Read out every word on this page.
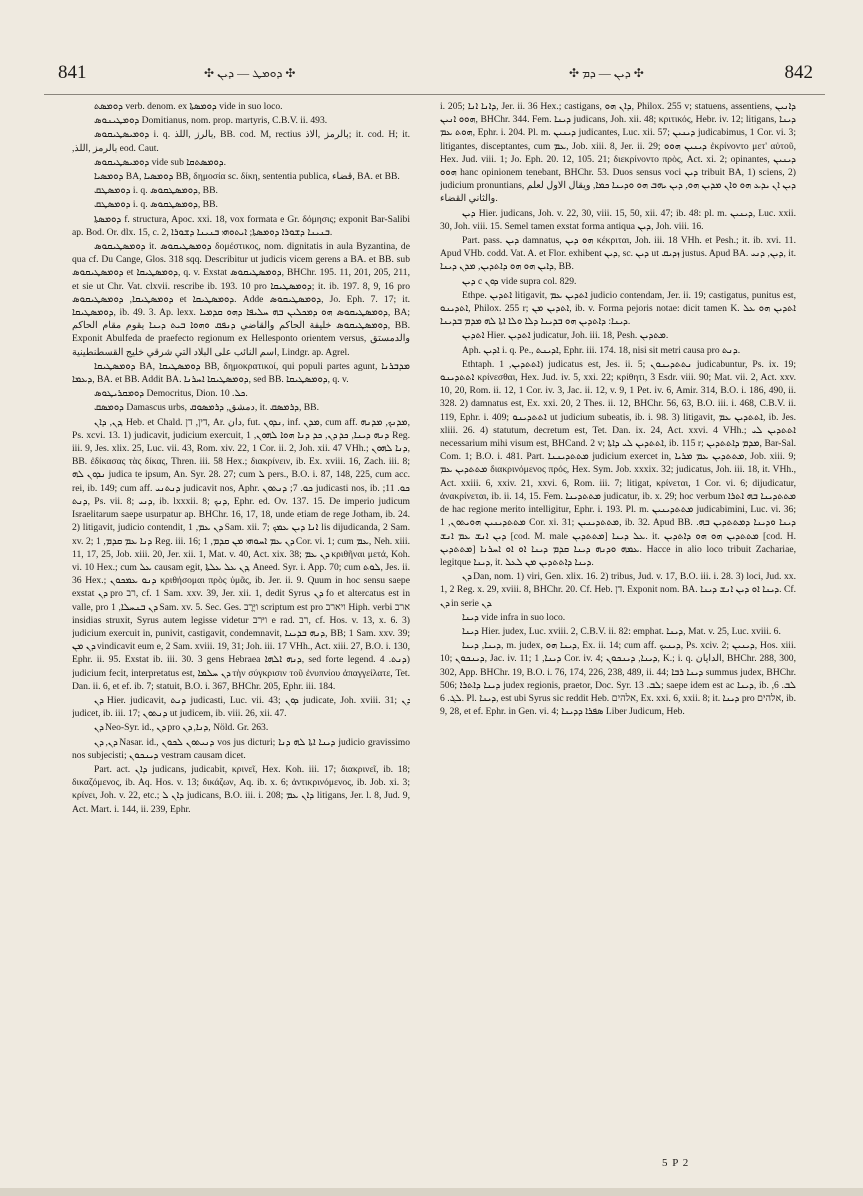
841	✣ ܕܘܡܛ — ܕܝܢ ✣	✣ ܕܝܢ — ܕܡ ✣	842

ܕܘܡܣܬ verb. denom. ex ܕܘܡܣܬܐ vide in suo loco.

ܕܘܡܛܝܢܘܣ Domitianus, nom. prop. martyris, C.B.V. ii. 493.

ܕܘܡܝܣܛܝܩܘܣ i. q. بالرز ,اللذ, BB. cod. M, rectius بالرمز ,الاذ; it. cod. H; it. ,بالرمز ,اللذ eod. Caut.

ܕܘܡܝܣܛܝܩܘܣ vide sub ܕܘܡܣܬܩܐ.

ܕܘܡܣܝܐ BA, ܕܘܡܣܝܐ BB, δημοσία sc. δίκη, sententia publica, قضاء, BA. et BB.

ܕܘܡܣܛܩ i. q. ܕܘܡܣܛܩܘܣ, BB.

ܕܘܡܣܛܩ i. q. ܕܘܡܣܛܩܘܣ, BB.

ܕܘܡܣܬܐ f. structura, Apoc. xxi. 18, vox formata e Gr. δόμησις; exponit Bar-Salibi ap. Bod. Or. dlx. 15, c. 2, ܒܢܝܢܐ ܕܫܘܪܐ ܕܘܡܣܬܐ; ܐܝܬܘܗܝ ܒܢܝܢܐ ܕܫܘܪܐ.

ܕܘܡܣܛܝܩܘܣ it. ܕܘܡܣܛܝܩܘܣ δομέστικος, nom. dignitatis in aula Byzantina, de qua cf. Du Cange, Glos. 318 sqq. Describitur ut judicis vicem gerens a BA. et BB. sub ܕܘܡܣܛܝܩܘܣ et ܕܘܡܣܛܝܩܐ, q. v. Exstat ܕܘܡܣܛܝܩܘܣ, BHChr. 195. 11, 201, 205, 211, et sie ut Chr. Vat. clxvii. rescribe ib. 193. 10 pro ܕܘܡܣܛܝܩܐ; it. ib. 197. 8, 9, 16 pro ܕܘܡܣܛܝܩܐ, ܕܘܡܣܛܝܩܘܣ et ܕܘܡܣܛܝܩܐ. Adde ܕܘܡܣܛܝܩܘܣ, Jo. Eph. 7. 17; it. ܕܘܡܣܛܝܩܐ, ib. 49. 3. Ap. lexx. ܕܘܡܣܛܝܩܘܣ ܗܘ ܕܡܟܠܝܢ ܒܗ ܚܠܝܦܐ ܕܗܘ ܩܕܡܝܐ, BA; ܕܘܡܣܛܝܩܘܣ خليفة الحاكم والقاضي ܕܢܦܩ ܘܗܘܐ ܒܝܬ ܕܝܢܐ يقوم مقام الحاكم, BB. Exponit Abulfeda de praefecto regionum ex Hellesponto orientem versus, والدمستق اسم النائب على البلاد التي شرقي خليج القسطنطينية, Lindgr. ap. Agrel.

ܕܘܡܣܛܝܩܐ BA, ܕܘܡܣܛܝܩܐ BB, δημοκρατικοί, qui populi partes agunt, ܡܕܒܪܢܐ ܕܥܡܐ, BA. et BB. Addit BA. ܕܘܡܣܛܝܩܐ ܐܚܪܢܐ, sed BB. ܕܘܡܣܛܝܩܐ, q. v.

ܕܘܡܩܪܝܛܘܣ Democritus, Dion. ܟܠ. 10.

ܕܘܡܣܩ Damascus urbs, دمشق, ܕܪܡܣܘܩ, it. ܕܪܡܣܩ, BB.

ܕܢ, ܕܐܢ, Heb. et Chald. דין, דן, Ar. دان, fut. ܢܕܘܢ, inf. ܡܕܢ, cum aff. ܡܕܢܟ, ܡܕܢܗ, Ps. xcvi. 13. 1) judicavit, judicium exercuit, ܕܢܗ ܕܝܢܐ, ܟܕ ܕܢ, ܟܕ ܕܢܐ ܗܘܐ ܠܗܘܢ, 1 Reg. iii. 9, Jes. xlix. 25, Luc. vii. 43, Rom. xiv. 22, 1 Cor. ii. 2, Joh. xii. 47 VHh.; ܕܢܐ ܠܗܘܢ, BB. ἐδίκασας τὰς δίκας, Thren. iii. 58 Hex.; διακρίνειν, ib. Ex. xviii. 16, Zach. iii. 8; ܢܕܘܢ ܠܗ judica te ipsum, An. Syr. 28. 27; cum ܠ pers., B.O. i. 87, 148, 225, cum acc. rei, ib. 149; cum aff. ܕܢܬܢܝ judicavit nos, Aphr. ܟܘ. 7; ܕܢܬܘܢ judicasti nos, ib. ܟܘ. 11; ܕܢܬ, Ps. vii. 8; ܕܢܝ, ib. lxxxii. 8; ܕܢܟ, Ephr. ed. Ov. 137. 15. De imperio judicum Israelitarum saepe usurpatur ap. BHChr. 16, 17, 18, unde etiam de rege Jotham, ib. 24. 2) litigavit, judicio contendit, ܕܢ ܥܡ, 1 Sam. xii. 7; ܐܢܐ ܕܝܢ ܥܡܟ lis dijudicanda, 2 Sam. xv. 2; ܕܢܐ ܥܡ ܩܕܡ, 1 Reg. iii. 16; ܕܢ ܥܡ ܐܚܘܗܝ ܡܢ ܩܕܡ, 1 Cor. vi. 1; cum ܥܡ, Neh. xiii. 11, 17, 25, Job. xiii. 20, Jer. xii. 1, Mat. v. 40, Act. xix. 38; ܕܢ ܥܡ κριθῆναι μετά, Koh. vi. 10 Hex.; cum ܥܠ causam egit, ܕܢ ܥܠ ܥܠܬܐ, Aneed. Syr. i. App. 70; cum ܠܘܬ, Jes. ii. 36 Hex.; ܕܢܘ ܥܡܟܘܢ κριθήσομαι πρὸς ὑμᾶς, ib. Jer. ii. 9. Quum in hoc sensu saepe exstat ܕܢ pro רב, cf. 1 Sam. xxv. 39, Jer. xii. 1, dedit Syrus ܕܢ fo et altercatus est in valle, pro ܕܢ ܒܢܚܠܐ, 1 Sam. xv. 5. Sec. Ges. ויֶּרֶב scriptum est pro ויארב Hiph. verbi ארב insidias struxit, Syrus autem legisse videtur ויּרב e rad. רב, cf. Hos. v. 13, x. 6. 3) judicium exercuit in, punivit, castigavit, condemnavit, ܕܢܗ ܒܕܝܢܐ, BB; 1 Sam. xxv. 39; ܕܢ ܡܢ vindicavit eum e, 2 Sam. xviii. 19, 31; Joh. iii. 17 VHh., Act. xiii. 27, B.O. i. 130, Ephr. ii. 95. Exstat ib. iii. 30. 3 gens Hebraea ܕܢܗ ܐܠܗܐ, sed forte legend. ܕܢܬ. 4) judicium fecit, interpretatus est, ܕܢ ܚܠܡܐ τὴν σύγκρισιν τοῦ ἐνυπνίου ἀπαγγείλατε, Tet. Dan. ii. 6, et ef. ib. 7; statuit, B.O. i. 367, BHChr. 205, Ephr. iii. 184.

ܕܢ Hier. judicavit, ܕܢܬ judicasti, Luc. vii. 43; ܕܘܢ judicate, Joh. xviii. 31; ܕܢ judicet, ib. iii. 17; ܕܢܬܘܢ ut judicem, ib. viii. 26, xii. 47.

ܕܢ Neo-Syr. id., ܕܢ pro ܕܢܐ, ܕܢ, Nöld. Gr. 263.

ܕܢ, ܕܢ Nasar. id., ܕܢܝܬܘܢ ܠܟܘܢ vos jus dicturi; ܕܝܢܐ ܐܬܐ ܠܗ ܕܢܐ judicio gravissimo nos subjecisti; ܕܝܢܟܘܢ vestram causam dicet.

Part. act. ܕܐܢ judicans, judicabit, κρινεῖ, Hex. Koh. iii. 17; διακρινεῖ, ib. 18; δικαζόμενος, ib. Aq. Hos. v. 13; δικάζων, Aq. ib. x. 6; ἀντικρινόμενος, ib. Job. xi. 3; κρίνει, Joh. v. 22, etc.; ܕܐܢ ܠ judicans, B.O. iii. i. 208; ܕܐܢ ܥܡ litigans, Jer. l. 8, Jud. 9, Act. Mart. i. 144, ii. 239, Ephr.

i. 205; ܕܐܢܐ ܐܢܐ, Jer. ii. 36 Hex.; castigans, ܕܐܢ ܗܘ, Philox. 255 v; statuens, assentiens, ܕܐܢܝܢ ܗܘܘ ܐܢܝܢ, BHChr. 344. Fem. ܕܝܢܐ judicans, Joh. xii. 48; κριτικός, Hebr. iv. 12; litigans, ܕܝܢܐ ܗܘܬ ܥܡ, Ephr. i. 204. Pl. m. ܕܝܢܝܢ judicantes, Luc. xii. 57; ܕܝܢܝܢ judicabimus, 1 Cor. vi. 3; litigantes, disceptantes, cum ܥܡ, Job. xiii. 8, Jer. ii. 29; ܕܝܢܝܢ ܗܘܘ ἐκρίνοντο μετ' αὐτοῦ, Hex. Jud. viii. 1; Jo. Eph. 20. 12, 105. 21; διεκρίνοντο πρὸς, Act. xi. 2; opinantes, ܕܝܢܝܢ ܗܘܘ hanc opinionem tenebant, BHChr. 53. Duos sensus voci ܕܝܢ tribuit BA, 1) sciens, 2) judicium pronuntians, ܕܝܢ ܐܢ ܝܕܥ ܗܘ ܘܐܢ ܡܕܝܢ ܗܘ, ܕܝܢ ܝܗܒ ܗܘ ܘܕܝܢܐ ܟܡܐ, ويقال الاول لعلم والثاني القضاء.

ܕܝܢ Hier. judicans, Joh. v. 22, 30, viii. 15, 50, xii. 47; ib. 48: pl. m. ܕܝܢܝܢ, Luc. xxii. 30, Joh. viii. 15. Semel tamen exstat forma antiqua ܕܝܢ, Joh. viii. 16.

Part. pass. ܕܝܢ damnatus, ܗܘ ܕܝܢ κέκριται, Joh. iii. 18 VHh. et Pesh.; it. ib. xvi. 11. Apud VHb. codd. Vat. A. et Flor. exhibent ܕܝܢ, sc. ܕܝܢ ut ܙܕܝܩ justus. Apud BA. ܕܝܢ, ܕܢܝ, it. ܕܐܝܢ ܗܘ ܗܘ ܕܐܬܕܝܢ, ܡܕܢ ܕܝܢܐ, BB.

ܕܝܢ c ܕܘܢ vide supra col. 829.

Ethpe. ܐܬܕܝܢ litigavit, ܐܬܕܝܢ ܥܡ judicio contendam, Jer. ii. 19; castigatus, punitus est, ܐܬܕܝܢܘ, Philox. 255 r; ܐܬܕܝܢ ܡܢ, ib. v. Forma pejoris notae: dicit tamen K. ܐܬܕܝܢ ܗܘ ܥܠ ܕܝܢܐ: ܕܐܬܕܝܢ ܗܘ ܒܕܝܢܐ ܕܠܐ ܘܠܐ ܐܬܐ ܠܗ ܡܕܡ ܒܕܝܢܐ.

ܐܬܕܝܢ Hier. ܐܬܕܝܢ judicatur, Joh. iii. 18, Pesh. ܡܬܕܝܢ.

Aph. ܐܕܝܢ i. q. Pe., ܐܕܝܢܬ, Ephr. iii. 174. 18, nisi sit metri causa pro ܕܢܬ.

Ethtaph. ܐܬܬܕܝܢ, 1) judicatus est, Jes. ii. 5; ܢܬܬܕܝܢܘܢ judicabuntur, Ps. ix. 19; ܐܬܬܕܝܢܘ κρίνεσθαι, Hex. Jud. iv. 5, xxi. 22; κρίθητι, 3 Esdr. viii. 90; Mat. vii. 2, Act. xxv. 10, 20, Rom. ii. 12, 1 Cor. iv. 3, Jac. ii. 12, v. 9, 1 Pet. iv. 6, Amir. 314, B.O. i. 186, 490, ii. 328. 2) damnatus est, Ex. xxi. 20, 2 Thes. ii. 12, BHChr. 56, 63, B.O. iii. i. 468, C.B.V. ii. 119, Ephr. i. 409; ܐܬܬܕܝܢܘ ut judicium subeatis, ib. i. 98. 3) litigavit, ܐܬܬܕܝܢ ܥܡ, ib. Jes. xliii. 26. 4) statutum, decretum est, Tet. Dan. ix. 24, Act. xxvi. 4 VHh.; ܐܬܬܕܝܢ ܠܝ necessarium mihi visum est, BHCand. 2 v; ܐܬܬܕܝܢ ܠܝ ܕܐܬܐ, ib. 115 r; ܡܕܡ ܕܐܬܬܕܝܢ, Bar-Sal. Com. 1; B.O. i. 481. Part. ܡܬܬܕܝܢܢܐ judicium exercet in, ܡܬܬܕܝܢ ܥܡ ܡܪܝܐ, Job. xiii. 9; ܡܬܬܕܝܢ ܥܡ διακρινόμενος πρός, Hex. Sym. Job. xxxix. 32; judicatus, Joh. iii. 18, it. VHh., Act. xxiii. 6, xxiv. 21, xxvi. 6, Rom. iii. 7; litigat, κρίνεται, 1 Cor. vi. 6; dijudicatur, ἀνακρίνεται, ib. ii. 14, 15. Fem. ܡܬܬܕܝܢܐ judicatur, ib. x. 29; hoc verbum ܡܬܬܕܝܢܐ ܒܗ ܐܬܪܐ de hac regione merito intelligitur, Ephr. i. 193. Pl. m. ܡܬܬܕܝܢܝܢ judicabimini, Luc. vi. 36; ܡܬܬܕܝܢܝܢ ܗܘܝܬܘܢ, 1 Cor. xi. 31; ܡܬܬܕܝܢܝܢ, ib. 32. Apud BB. ܕܝܢܐ ܘܕܝܢܐ ܕܡܬܬܕܝܢ ܒܗ. ܕܝܢ ܐܢܫ ܥܡ ܐܢܫ [cod. M. male ܡܬܬܕܝܢ] ܥܠ ܕܝܢܐ. it. ܡܬܬܕܝܢ ܗܘ ܗܘ ܕܐܬܕܝܢ [cod. H. ܡܬܬܕܝܢ] ܥܡܗ ܘܕܢܗ ܕܝܢܐ ܩܕܡ ܕܝܢܐ ܐܘ ܐܘ ܐܚܪܢܐ. Hacce in alio loco tribuit Zachariae, legitque ܕܝܢܐ, it. ܕܝܢܐ ܕܐܬܬܕܝܢ ܡܢ ܠܥܠ.

ܕܢ Dan, nom. 1) viri, Gen. xlix. 16. 2) tribus, Jud. v. 17, B.O. iii. i. 28. 3) loci, Jud. xx. 1, 2 Reg. x. 29, xviii. 8, BHChr. 20. Cf. Heb. דן. Exponit nom. BA. ܕܝܢܐ ܐܘ ܕܝܢ ܐܢܫ ܕܝܢܐ. Cf. ܕܢ in serie ܕܢ.

ܕܝܢܐ vide infra in suo loco.

ܕܝܢܐ Hier. judex, Luc. xviii. 2, C.B.V. ii. 82: emphat. ܕܝܢܐ, Mat. v. 25, Luc. xviii. 6.

ܕܝܢܐ, ܕܝܢܐ, m. judex, ܕܝܢܐ ܗܘ, Ex. ii. 14; cum aff. ܕܝܢܝܟ, Ps. xciv. 2; ܕܝܢܝܢ, Hos. xiii. 10; ܕܝܢܟܘܢ, Jac. iv. 11; ܕܝܢܐ, 1 Cor. iv. 4; ܕܝܢܐ, ܕܝܢܟܘܢ, K.; i. q. الدايان, BHChr. 288, 300, 302, App. BHChr. 19, B.O. i. 76, 174, 226, 238, 489, ii. 44; ܕܝܢܐ ܪܒܐ summus judex, BHChr. 506; ܕܝܢܐ ܕܐܬܪܐ judex regionis, praetor, Doc. Syr. ܠܒ. 13; saepe idem est ac ܕܝܢܐ, ib. ܠܒ. 6, ܠܓ. 6. Pl. ܕܝܢܐ, est ubi Syrus sic reddit Heb. אלהים, Ex. xxi. 6, xxii. 8; it. ܕܝܢܐ pro אלהים, ib. 9, 28, et ef. Ephr. in Gen. vi. 4; ܣܦܪܐ ܕܕܝܢܐ Liber Judicum, Heb.

5 P 2
